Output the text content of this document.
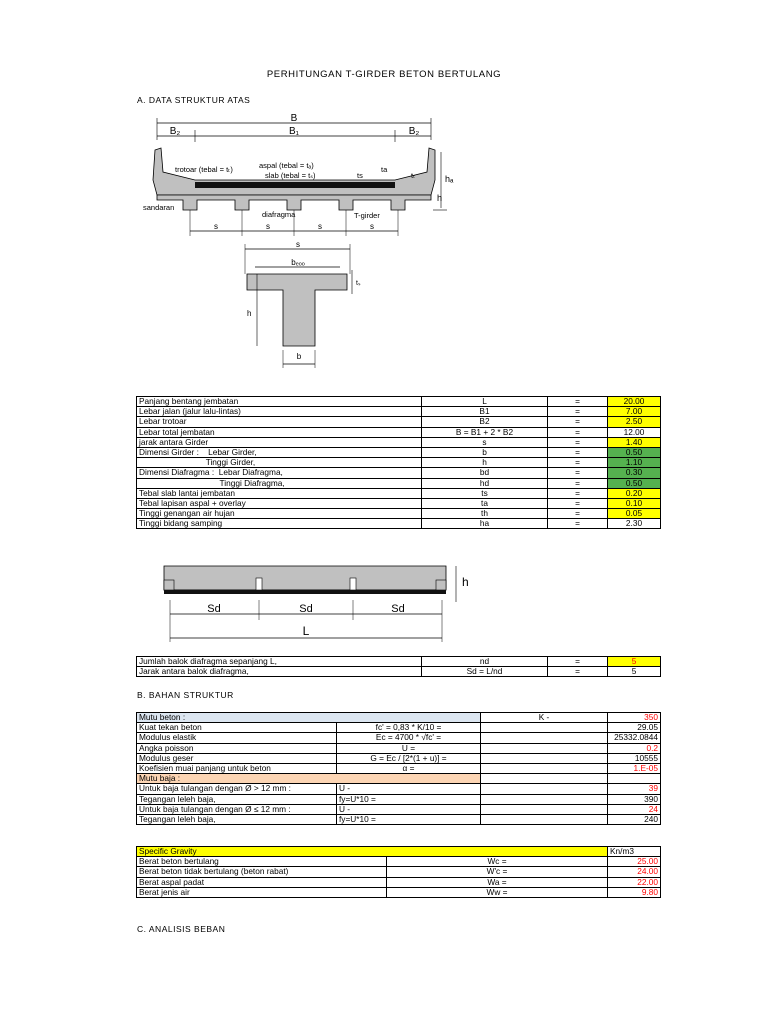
PERHITUNGAN T-GIRDER BETON BERTULANG
A. DATA STRUKTUR ATAS
B
B₂	B₁	B₂
trotoar (tebal = tₜ)	aspal (tebal = tₐ)
slab (tebal = tₛ)	ts
ta
tₜ	hₐ
h
sandaran
diafragma	T-girder
s	s	s	s
s
bₑₒₒ
tₛ
h
b
Panjang bentang jembatan	L	=	20.00
Lebar jalan (jalur lalu-lintas)	B1	=	7.00
Lebar trotoar	B2	=	2.50
Lebar total jembatan	B = B1 + 2 * B2	=	12.00
jarak antara Girder	s	=	1.40
Dimensi Girder :    Lebar Girder,	b	=	0.50
Tinggi Girder,	h	=	1.10
Dimensi Diafragma :  Lebar Diafragma,	bd	=	0.30
Tinggi Diafragma,	hd	=	0.50
Tebal slab lantai jembatan	ts	=	0.20
Tebal lapisan aspal + overlay	ta	=	0.10
Tinggi genangan air hujan	th	=	0.05
Tinggi bidang samping	ha	=	2.30
h
Sd	Sd	Sd
L
Jumlah balok diafragma sepanjang L,	nd	=	5
Jarak antara balok diafragma,	Sd = L/nd	=	5
B. BAHAN STRUKTUR
Mutu beton :		K -	350
Kuat tekan beton	fc' = 0,83 * K/10 =		29.05
Modulus elastik	Ec = 4700 * √fc' =		25332.0844
Angka poisson	U =		0.2
Modulus geser	G = Ec / [2*(1 + u)] =		10555
Koefisien muai panjang untuk beton	α =		1.E-05
Mutu baja :			
Untuk baja tulangan dengan Ø > 12 mm :	U -		39
Tegangan leleh baja,	fy=U*10 =		390
Untuk baja tulangan dengan Ø ≤ 12 mm :	U -		24
Tegangan leleh baja,	fy=U*10 =		240
Specific Gravity		Kn/m3
Berat beton bertulang	Wc =	25.00
Berat beton tidak bertulang (beton rabat)	W'c =	24.00
Berat aspal padat	Wa =	22.00
Berat jenis air	Ww =	9.80
C. ANALISIS BEBAN
